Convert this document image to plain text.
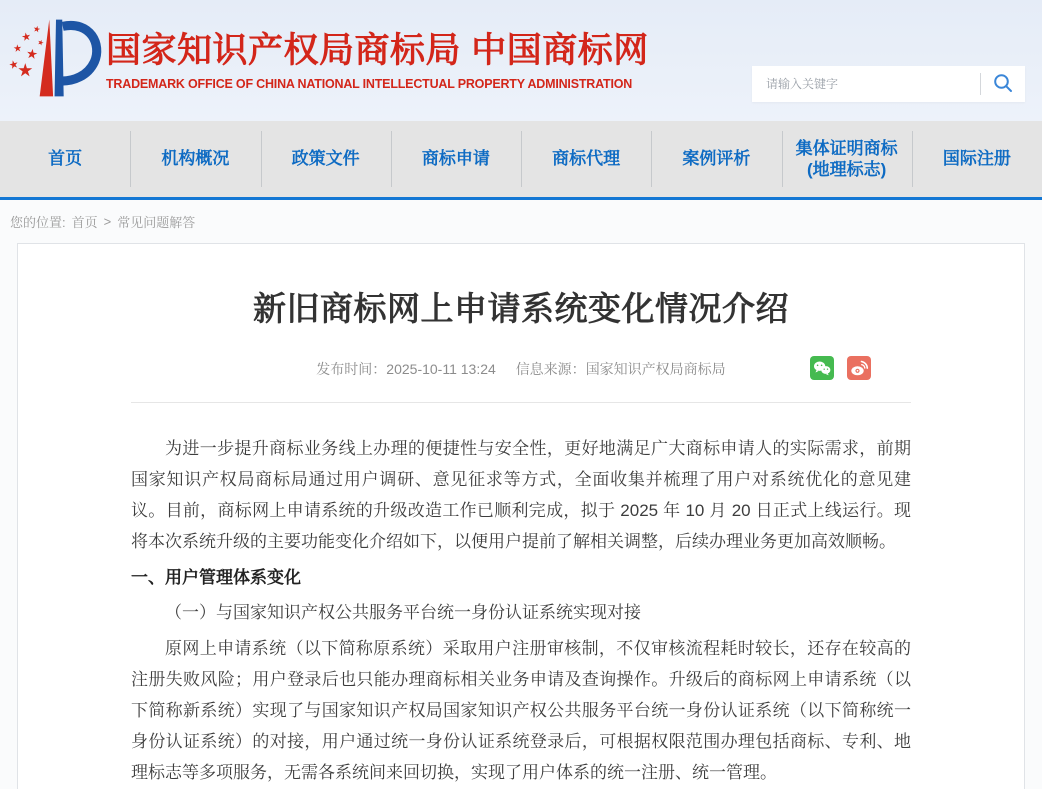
国家知识产权局商标局 中国商标网
TRADEMARK OFFICE OF CHINA NATIONAL INTELLECTUAL PROPERTY ADMINISTRATION
请输入关键字
首页	机构概况	政策文件	商标申请	商标代理	案例评析
集体证明商标
(地理标志)
国际注册
您的位置: 首页 > 常见问题解答
新旧商标网上申请系统变化情况介绍
发布时间：2025-10-11 13:24 信息来源：国家知识产权局商标局

为进一步提升商标业务线上办理的便捷性与安全性，更好地满足广大商标申请人的实际需求，前期国家知识产权局商标局通过用户调研、意见征求等方式，全面收集并梳理了用户对系统优化的意见建议。目前，商标网上申请系统的升级改造工作已顺利完成，拟于 2025 年 10 月 20 日正式上线运行。现将本次系统升级的主要功能变化介绍如下，以便用户提前了解相关调整，后续办理业务更加高效顺畅。

一、用户管理体系变化

（一）与国家知识产权公共服务平台统一身份认证系统实现对接

原网上申请系统（以下简称原系统）采取用户注册审核制，不仅审核流程耗时较长，还存在较高的注册失败风险；用户登录后也只能办理商标相关业务申请及查询操作。升级后的商标网上申请系统（以下简称新系统）实现了与国家知识产权局国家知识产权公共服务平台统一身份认证系统（以下简称统一身份认证系统）的对接，用户通过统一身份认证系统登录后，可根据权限范围办理包括商标、专利、地理标志等多项服务，无需各系统间来回切换，实现了用户体系的统一注册、统一管理。
